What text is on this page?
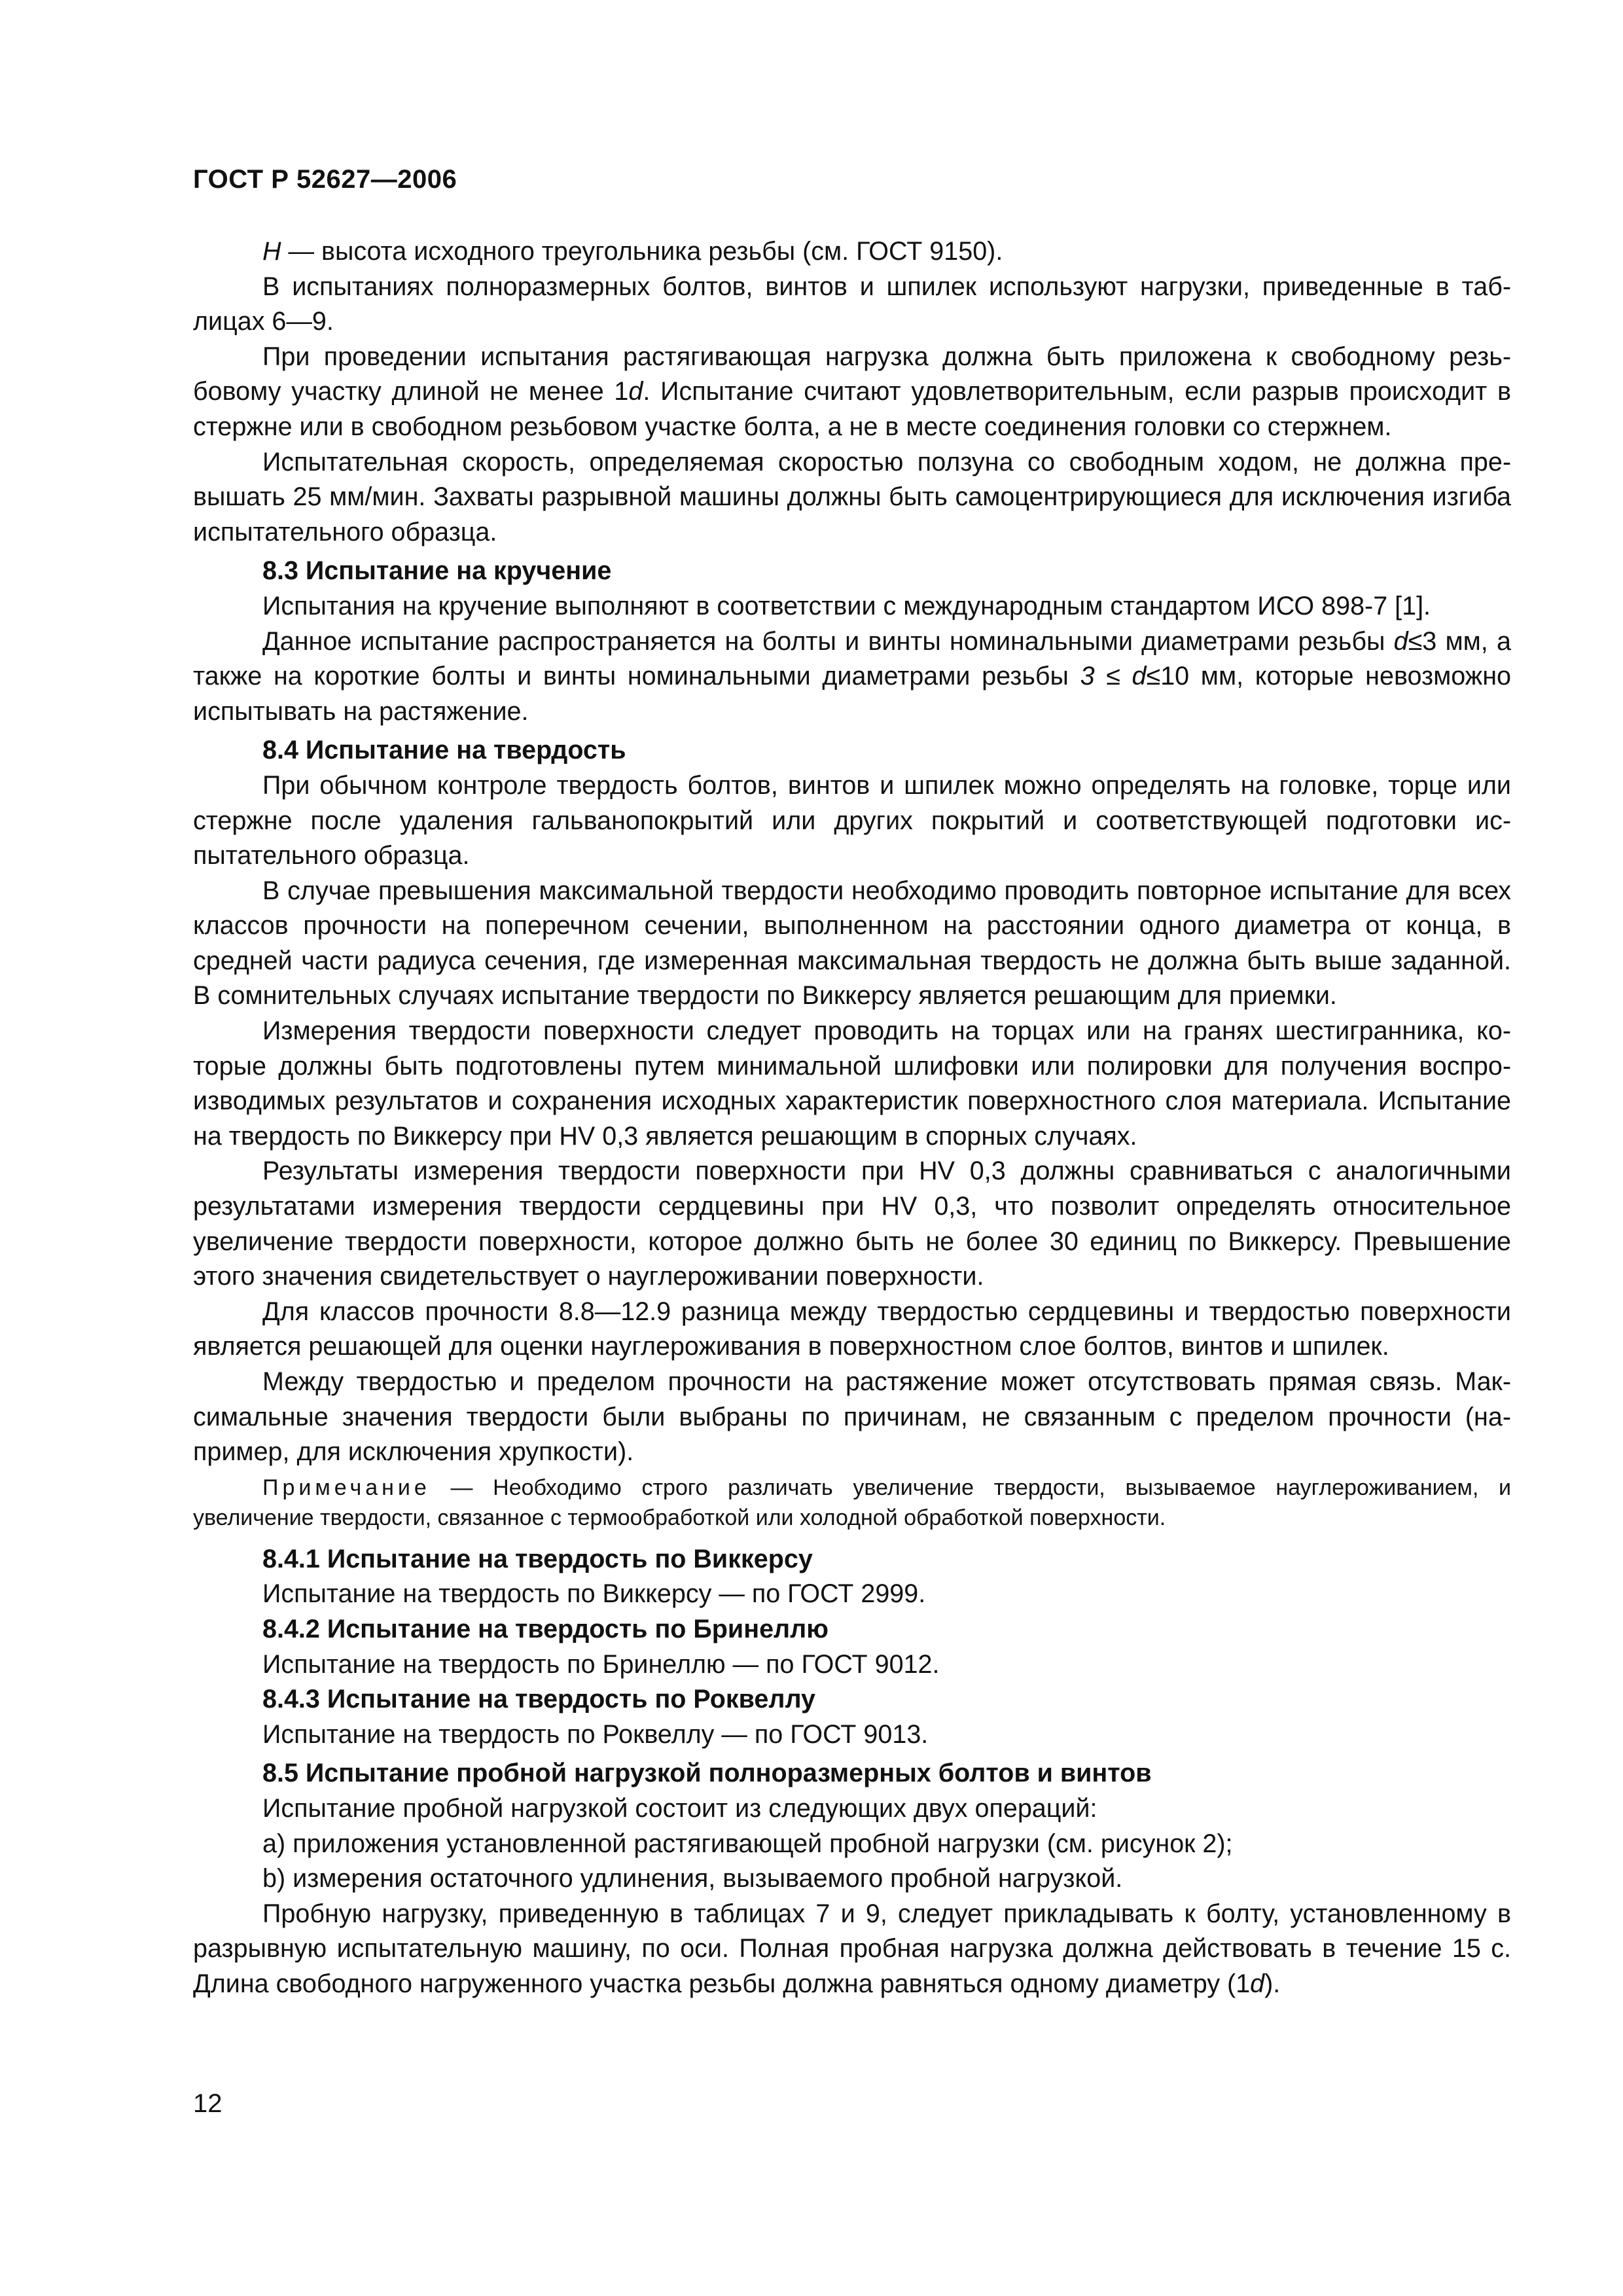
ГОСТ Р 52627—2006

H — высота исходного треугольника резьбы (см. ГОСТ 9150).

В испытаниях полноразмерных болтов, винтов и шпилек используют нагрузки, приведенные в таблицах 6—9.

При проведении испытания растягивающая нагрузка должна быть приложена к свободному резьбовому участку длиной не менее 1d. Испытание считают удовлетворительным, если разрыв происходит в стержне или в свободном резьбовом участке болта, а не в месте соединения головки со стержнем.

Испытательная скорость, определяемая скоростью ползуна со свободным ходом, не должна превышать 25 мм/мин. Захваты разрывной машины должны быть самоцентрирующиеся для исключения изгиба испытательного образца.

8.3 Испытание на кручение

Испытания на кручение выполняют в соответствии с международным стандартом ИСО 898-7 [1].

Данное испытание распространяется на болты и винты номинальными диаметрами резьбы d≤3 мм, а также на короткие болты и винты номинальными диаметрами резьбы 3 ≤ d≤10 мм, которые невозможно испытывать на растяжение.

8.4 Испытание на твердость

При обычном контроле твердость болтов, винтов и шпилек можно определять на головке, торце или стержне после удаления гальванопокрытий или других покрытий и соответствующей подготовки испытательного образца.

В случае превышения максимальной твердости необходимо проводить повторное испытание для всех классов прочности на поперечном сечении, выполненном на расстоянии одного диаметра от конца, в средней части радиуса сечения, где измеренная максимальная твердость не должна быть выше заданной. В сомнительных случаях испытание твердости по Виккерсу является решающим для приемки.

Измерения твердости поверхности следует проводить на торцах или на гранях шестигранника, которые должны быть подготовлены путем минимальной шлифовки или полировки для получения воспроизводимых результатов и сохранения исходных характеристик поверхностного слоя материала. Испытание на твердость по Виккерсу при HV 0,3 является решающим в спорных случаях.

Результаты измерения твердости поверхности при HV 0,3 должны сравниваться с аналогичными результатами измерения твердости сердцевины при HV 0,3, что позволит определять относительное увеличение твердости поверхности, которое должно быть не более 30 единиц по Виккерсу. Превышение этого значения свидетельствует о науглероживании поверхности.

Для классов прочности 8.8—12.9 разница между твердостью сердцевины и твердостью поверхности является решающей для оценки науглероживания в поверхностном слое болтов, винтов и шпилек.

Между твердостью и пределом прочности на растяжение может отсутствовать прямая связь. Максимальные значения твердости были выбраны по причинам, не связанным с пределом прочности (например, для исключения хрупкости).

Примечание — Необходимо строго различать увеличение твердости, вызываемое науглероживанием, и увеличение твердости, связанное с термообработкой или холодной обработкой поверхности.

8.4.1 Испытание на твердость по Виккерсу

Испытание на твердость по Виккерсу — по ГОСТ 2999.

8.4.2 Испытание на твердость по Бринеллю

Испытание на твердость по Бринеллю — по ГОСТ 9012.

8.4.3 Испытание на твердость по Роквеллу

Испытание на твердость по Роквеллу — по ГОСТ 9013.

8.5 Испытание пробной нагрузкой полноразмерных болтов и винтов

Испытание пробной нагрузкой состоит из следующих двух операций:

a) приложения установленной растягивающей пробной нагрузки (см. рисунок 2);

b) измерения остаточного удлинения, вызываемого пробной нагрузкой.

Пробную нагрузку, приведенную в таблицах 7 и 9, следует прикладывать к болту, установленному в разрывную испытательную машину, по оси. Полная пробная нагрузка должна действовать в течение 15 с. Длина свободного нагруженного участка резьбы должна равняться одному диаметру (1d).

12
